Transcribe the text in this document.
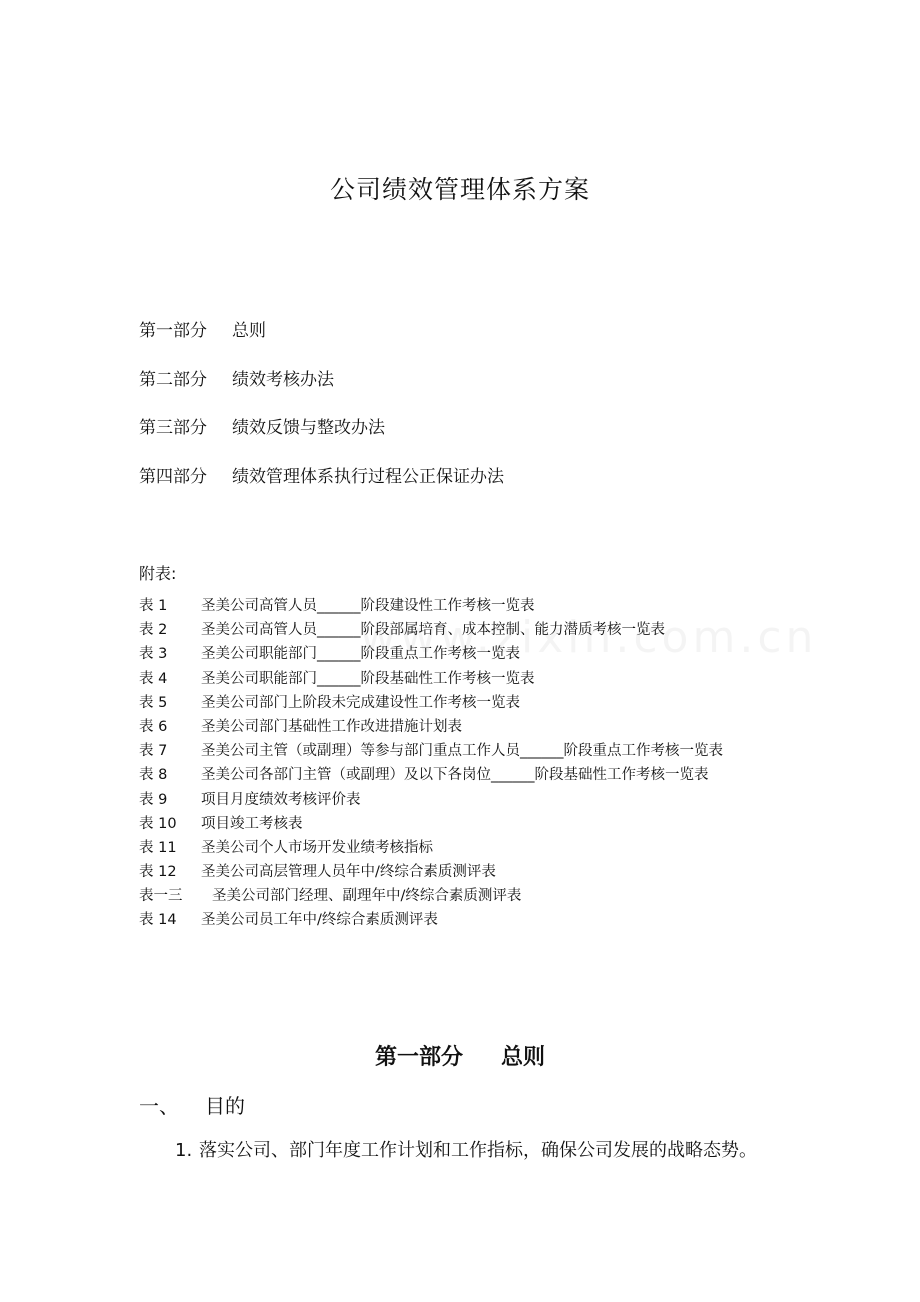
公司绩效管理体系方案
第一部分 总则
第二部分 绩效考核办法
第三部分 绩效反馈与整改办法
第四部分 绩效管理体系执行过程公正保证办法
附表:
表 1 圣美公司高管人员______阶段建设性工作考核一览表
表 2 圣美公司高管人员______阶段部属培育、成本控制、能力潜质考核一览表
表 3 圣美公司职能部门______阶段重点工作考核一览表
表 4 圣美公司职能部门______阶段基础性工作考核一览表
表 5 圣美公司部门上阶段未完成建设性工作考核一览表
表 6 圣美公司部门基础性工作改进措施计划表
表 7 圣美公司主管（或副理）等参与部门重点工作人员______阶段重点工作考核一览表
表 8 圣美公司各部门主管（或副理）及以下各岗位______阶段基础性工作考核一览表
表 9 项目月度绩效考核评价表
表 10 项目竣工考核表
表 11 圣美公司个人市场开发业绩考核指标
表 12 圣美公司高层管理人员年中/终综合素质测评表
表一三 圣美公司部门经理、副理年中/终综合素质测评表
表 14 圣美公司员工年中/终综合素质测评表
第一部分 总则
一、 目的
1. 落实公司、部门年度工作计划和工作指标，确保公司发展的战略态势。
